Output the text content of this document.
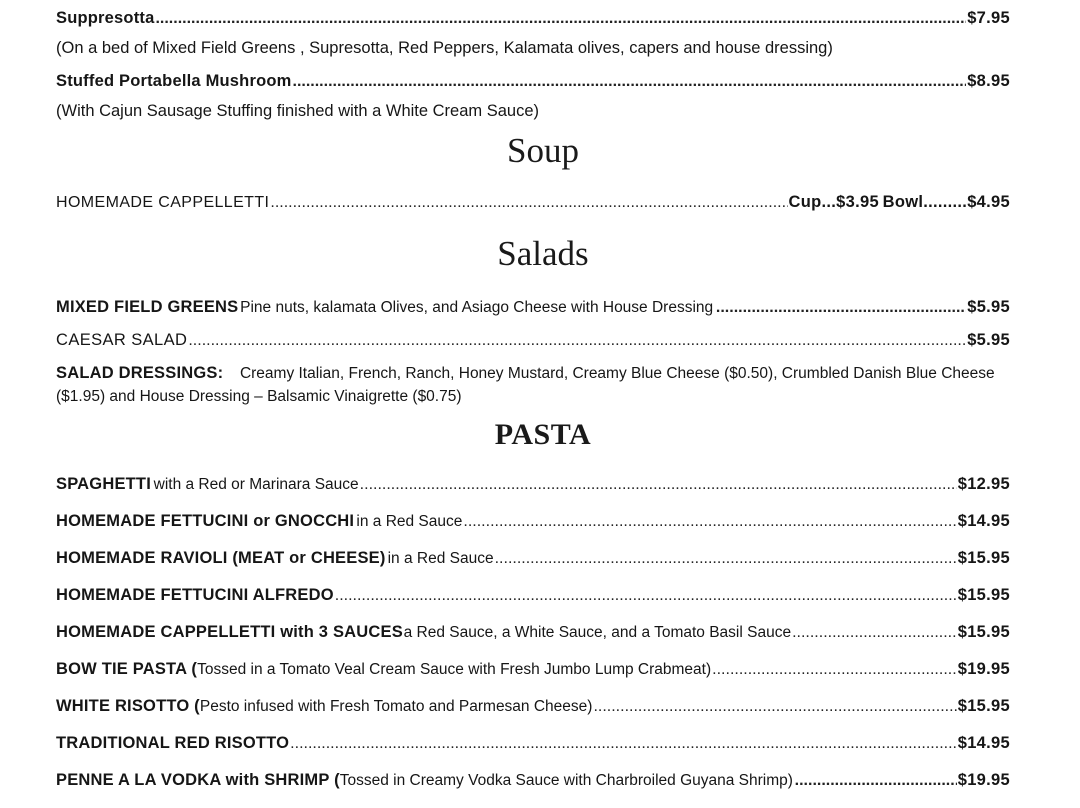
Suppresotta .....	$7.95
(On a bed of Mixed Field Greens , Supresotta, Red Peppers, Kalamata olives, capers and house dressing)
Stuffed Portabella Mushroom .....	$8.95
(With Cajun Sausage Stuffing finished with a White Cream Sauce)
Soup
HOMEMADE CAPPELLETTI .....	Cup ... $3.95 Bowl ......... $4.95
Salads
MIXED FIELD GREENS Pine nuts, kalamata Olives, and Asiago Cheese with House Dressing .....	$5.95
CAESAR SALAD .....	$5.95
SALAD DRESSINGS: Creamy Italian, French, Ranch, Honey Mustard, Creamy Blue Cheese ($0.50), Crumbled Danish Blue Cheese ($1.95) and House Dressing – Balsamic Vinaigrette ($0.75)
PASTA
SPAGHETTI with a Red or Marinara Sauce .....	$12.95
HOMEMADE FETTUCINI or GNOCCHI in a Red Sauce .....	$14.95
HOMEMADE RAVIOLI (MEAT or CHEESE) in a Red Sauce .....	$15.95
HOMEMADE FETTUCINI ALFREDO .....	$15.95
HOMEMADE CAPPELLETTI with 3 SAUCES a Red Sauce, a White Sauce, and a Tomato Basil Sauce .....	$15.95
BOW TIE PASTA ( Tossed in a Tomato Veal Cream Sauce with Fresh Jumbo Lump Crabmeat) .....	$19.95
WHITE RISOTTO ( Pesto infused with Fresh Tomato and Parmesan Cheese) .....	$15.95
TRADITIONAL RED RISOTTO .....	$14.95
PENNE A LA VODKA with SHRIMP ( Tossed in Creamy Vodka Sauce with Charbroiled Guyana Shrimp) .....	$19.95
